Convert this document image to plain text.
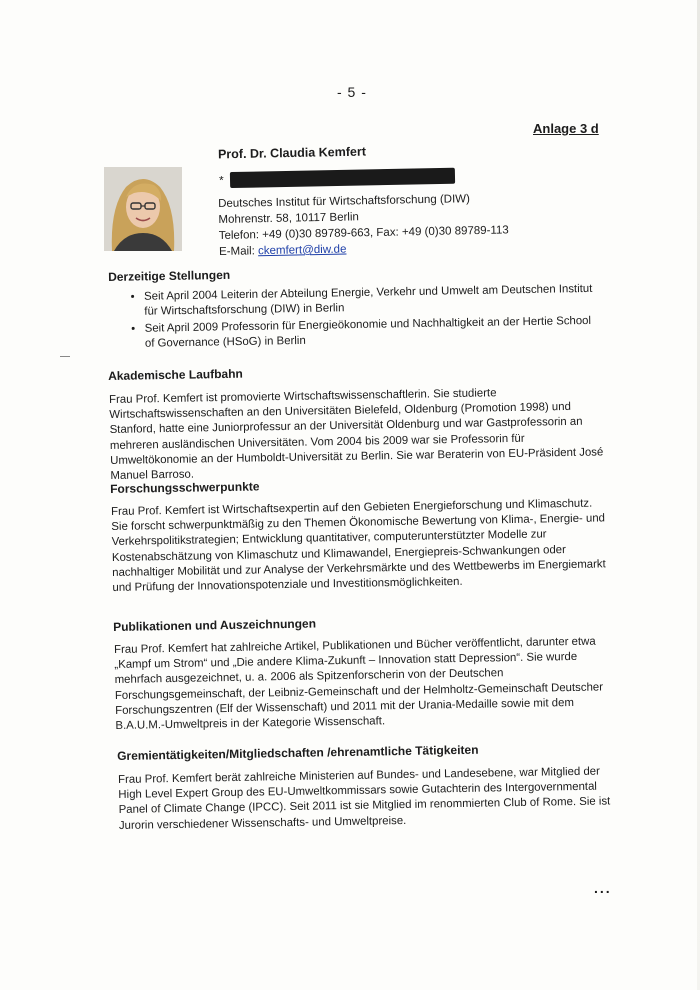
- 5 -
Anlage 3 d
Prof. Dr. Claudia Kemfert
*
Deutsches Institut für Wirtschaftsforschung (DIW)
Mohrenstr. 58, 10117 Berlin
Telefon: +49 (0)30 89789-663, Fax: +49 (0)30 89789-113
E-Mail: ckemfert@diw.de
Derzeitige Stellungen
• Seit April 2004 Leiterin der Abteilung Energie, Verkehr und Umwelt am Deutschen Institut für Wirtschaftsforschung (DIW) in Berlin
• Seit April 2009 Professorin für Energieökonomie und Nachhaltigkeit an der Hertie School of Governance (HSoG) in Berlin
Akademische Laufbahn
Frau Prof. Kemfert ist promovierte Wirtschaftswissenschaftlerin. Sie studierte Wirtschaftswissenschaften an den Universitäten Bielefeld, Oldenburg (Promotion 1998) und Stanford, hatte eine Juniorprofessur an der Universität Oldenburg und war Gastprofessorin an mehreren ausländischen Universitäten. Vom 2004 bis 2009 war sie Professorin für Umweltökonomie an der Humboldt-Universität zu Berlin. Sie war Beraterin von EU-Präsident José Manuel Barroso.
Forschungsschwerpunkte
Frau Prof. Kemfert ist Wirtschaftsexpertin auf den Gebieten Energieforschung und Klimaschutz. Sie forscht schwerpunktmäßig zu den Themen Ökonomische Bewertung von Klima-, Energie- und Verkehrspolitikstrategien; Entwicklung quantitativer, computerunterstützter Modelle zur Kostenabschätzung von Klimaschutz und Klimawandel, Energiepreis-Schwankungen oder nachhaltiger Mobilität und zur Analyse der Verkehrsmärkte und des Wettbewerbs im Energiemarkt und Prüfung der Innovationspotenziale und Investitionsmöglichkeiten.
Publikationen und Auszeichnungen
Frau Prof. Kemfert hat zahlreiche Artikel, Publikationen und Bücher veröffentlicht, darunter etwa „Kampf um Strom“ und „Die andere Klima-Zukunft – Innovation statt Depression“. Sie wurde mehrfach ausgezeichnet, u. a. 2006 als Spitzenforscherin von der Deutschen Forschungsgemeinschaft, der Leibniz-Gemeinschaft und der Helmholtz-Gemeinschaft Deutscher Forschungszentren (Elf der Wissenschaft) und 2011 mit der Urania-Medaille sowie mit dem B.A.U.M.-Umweltpreis in der Kategorie Wissenschaft.
Gremientätigkeiten/Mitgliedschaften /ehrenamtliche Tätigkeiten
Frau Prof. Kemfert berät zahlreiche Ministerien auf Bundes- und Landesebene, war Mitglied der High Level Expert Group des EU-Umweltkommissars sowie Gutachterin des Intergovernmental Panel of Climate Change (IPCC). Seit 2011 ist sie Mitglied im renommierten Club of Rome. Sie ist Jurorin verschiedener Wissenschafts- und Umweltpreise.
...
